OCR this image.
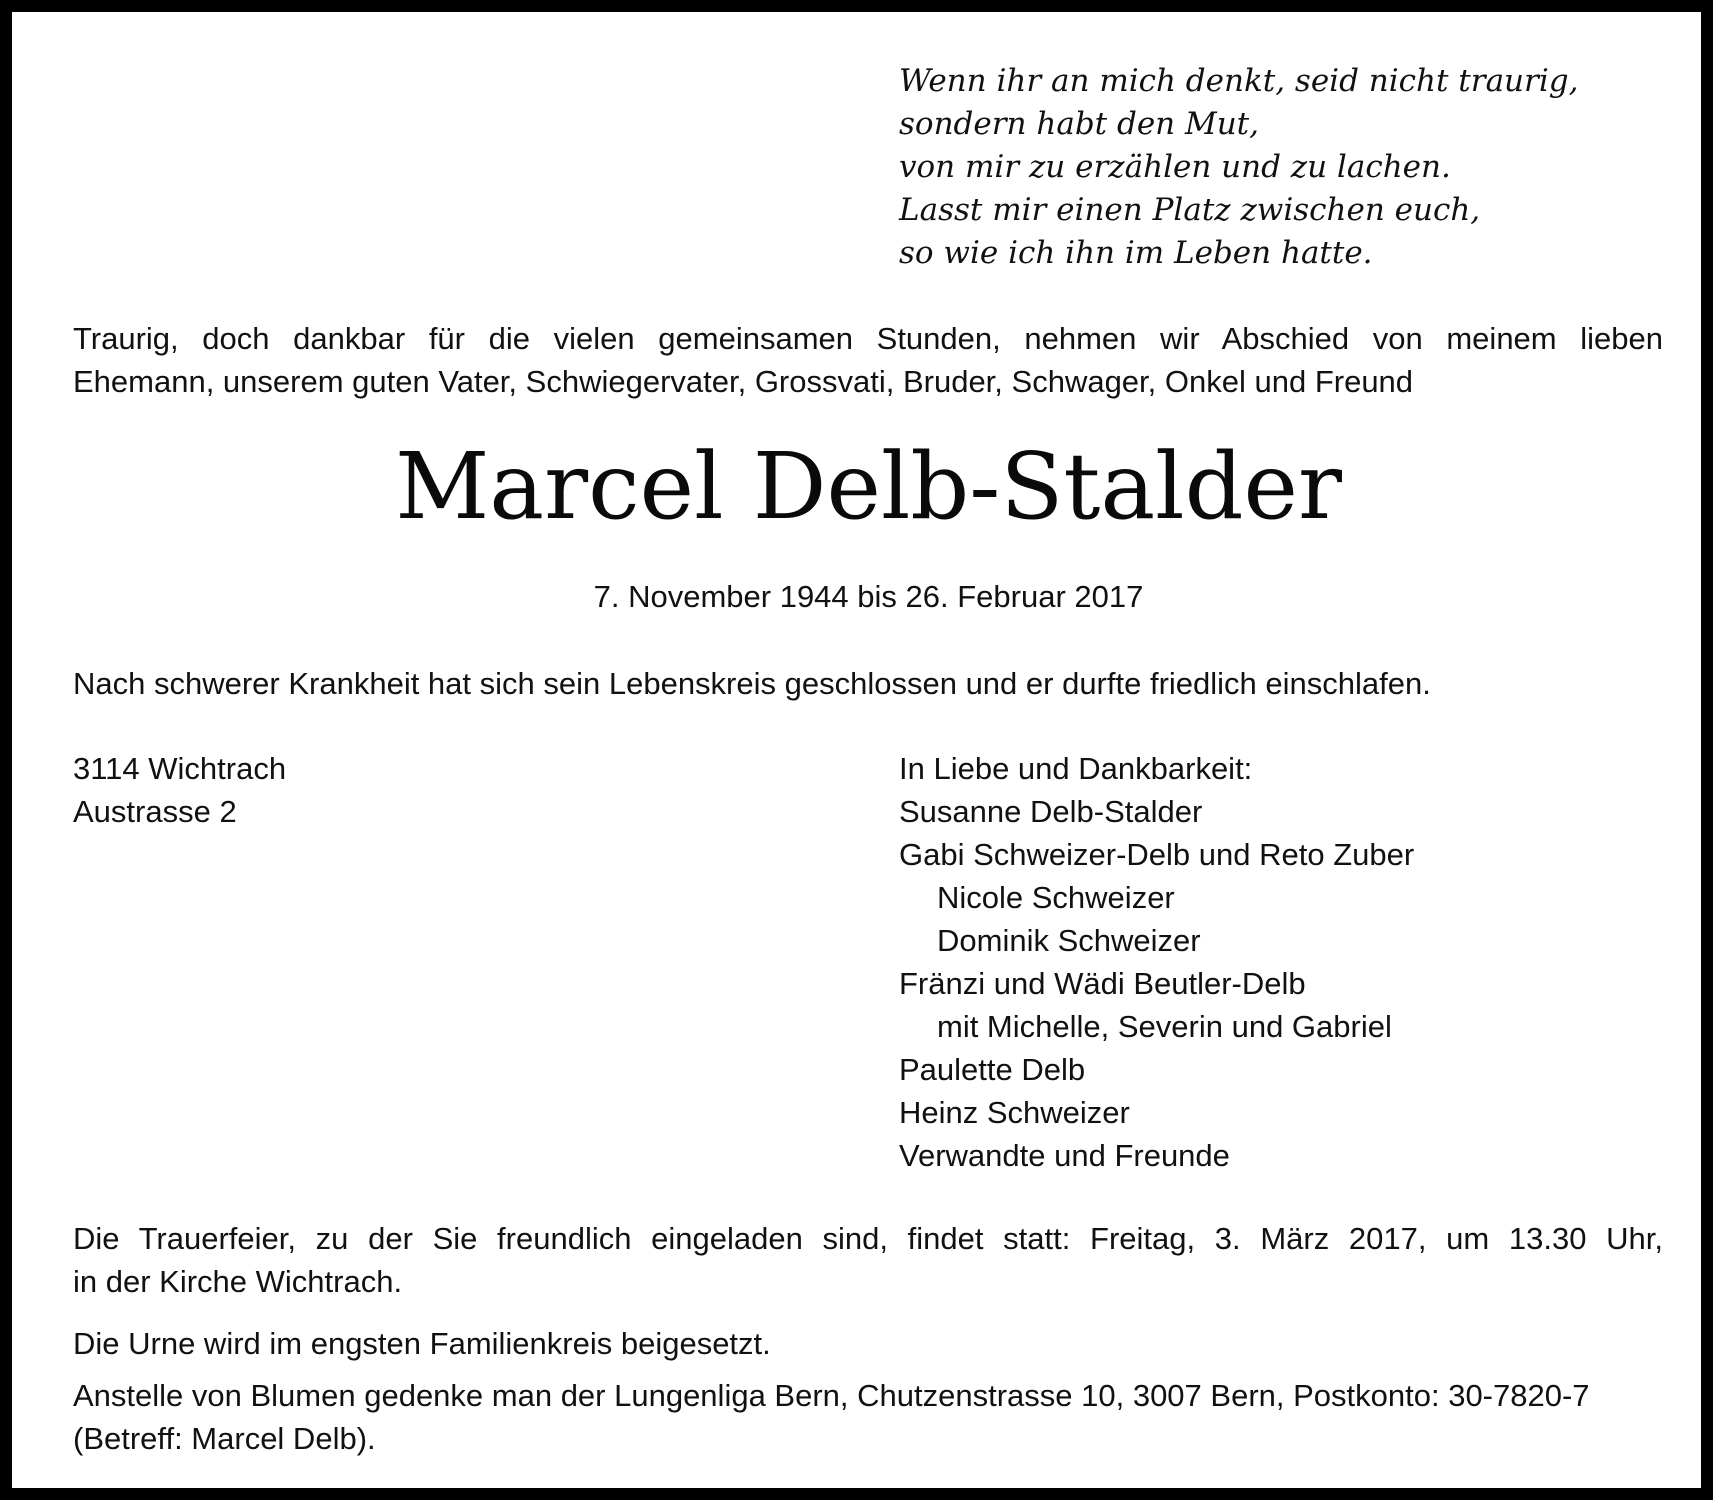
Wenn ihr an mich denkt, seid nicht traurig,
sondern habt den Mut,
von mir zu erzählen und zu lachen.
Lasst mir einen Platz zwischen euch,
so wie ich ihn im Leben hatte.

Traurig, doch dankbar für die vielen gemeinsamen Stunden, nehmen wir Abschied von meinem lieben
Ehemann, unserem guten Vater, Schwiegervater, Grossvati, Bruder, Schwager, Onkel und Freund

Marcel Delb-Stalder

7. November 1944 bis 26. Februar 2017

Nach schwerer Krankheit hat sich sein Lebenskreis geschlossen und er durfte friedlich einschlafen.

3114 Wichtrach
Austrasse 2

In Liebe und Dankbarkeit:
Susanne Delb-Stalder
Gabi Schweizer-Delb und Reto Zuber
Nicole Schweizer
Dominik Schweizer
Fränzi und Wädi Beutler-Delb
mit Michelle, Severin und Gabriel
Paulette Delb
Heinz Schweizer
Verwandte und Freunde

Die Trauerfeier, zu der Sie freundlich eingeladen sind, findet statt: Freitag, 3. März 2017, um 13.30 Uhr,
in der Kirche Wichtrach.

Die Urne wird im engsten Familienkreis beigesetzt.

Anstelle von Blumen gedenke man der Lungenliga Bern, Chutzenstrasse 10, 3007 Bern, Postkonto: 30-7820-7
(Betreff: Marcel Delb).
